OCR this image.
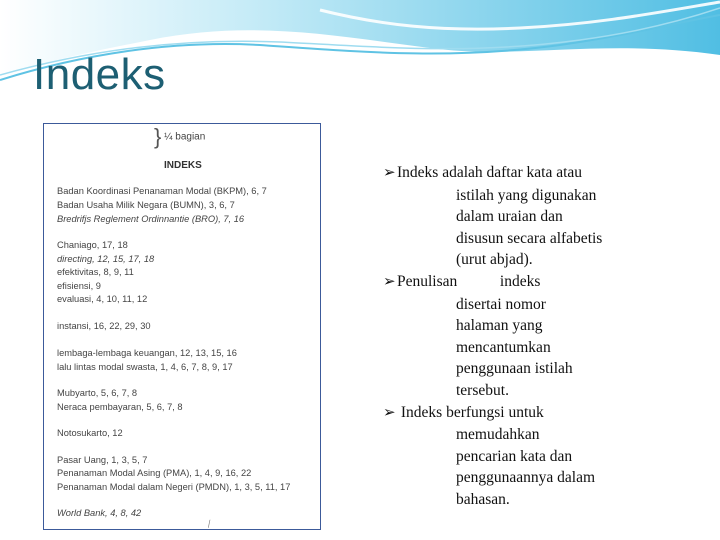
Indeks
} ¼ bagian
INDEKS
Badan Koordinasi Penanaman Modal (BKPM), 6, 7
Badan Usaha Milik Negara (BUMN), 3, 6, 7
Bredrifjs Reglement Ordinnantie (BRO), 7, 16
Chaniago, 17, 18
directing, 12, 15, 17, 18
efektivitas, 8, 9, 11
efisiensi, 9
evaluasi, 4, 10, 11, 12
instansi, 16, 22, 29, 30
lembaga-lembaga keuangan, 12, 13, 15, 16
lalu lintas modal swasta, 1, 4, 6, 7, 8, 9, 17
Mubyarto, 5, 6, 7, 8
Neraca pembayaran, 5, 6, 7, 8
Notosukarto, 12
Pasar Uang, 1, 3, 5, 7
Penanaman Modal Asing (PMA), 1, 4, 9, 16, 22
Penanaman Modal dalam Negeri (PMDN), 1, 3, 5, 11, 17
World Bank, 4, 8, 42
∕
➢Indeks adalah daftar kata atau
istilah yang digunakan
dalam uraian dan
disusun secara alfabetis
(urut abjad).
➢Penulisan           indeks
disertai nomor
halaman yang
mencantumkan
penggunaan istilah
tersebut.
➢ Indeks berfungsi untuk
memudahkan
pencarian kata dan
penggunaannya dalam
bahasan.
